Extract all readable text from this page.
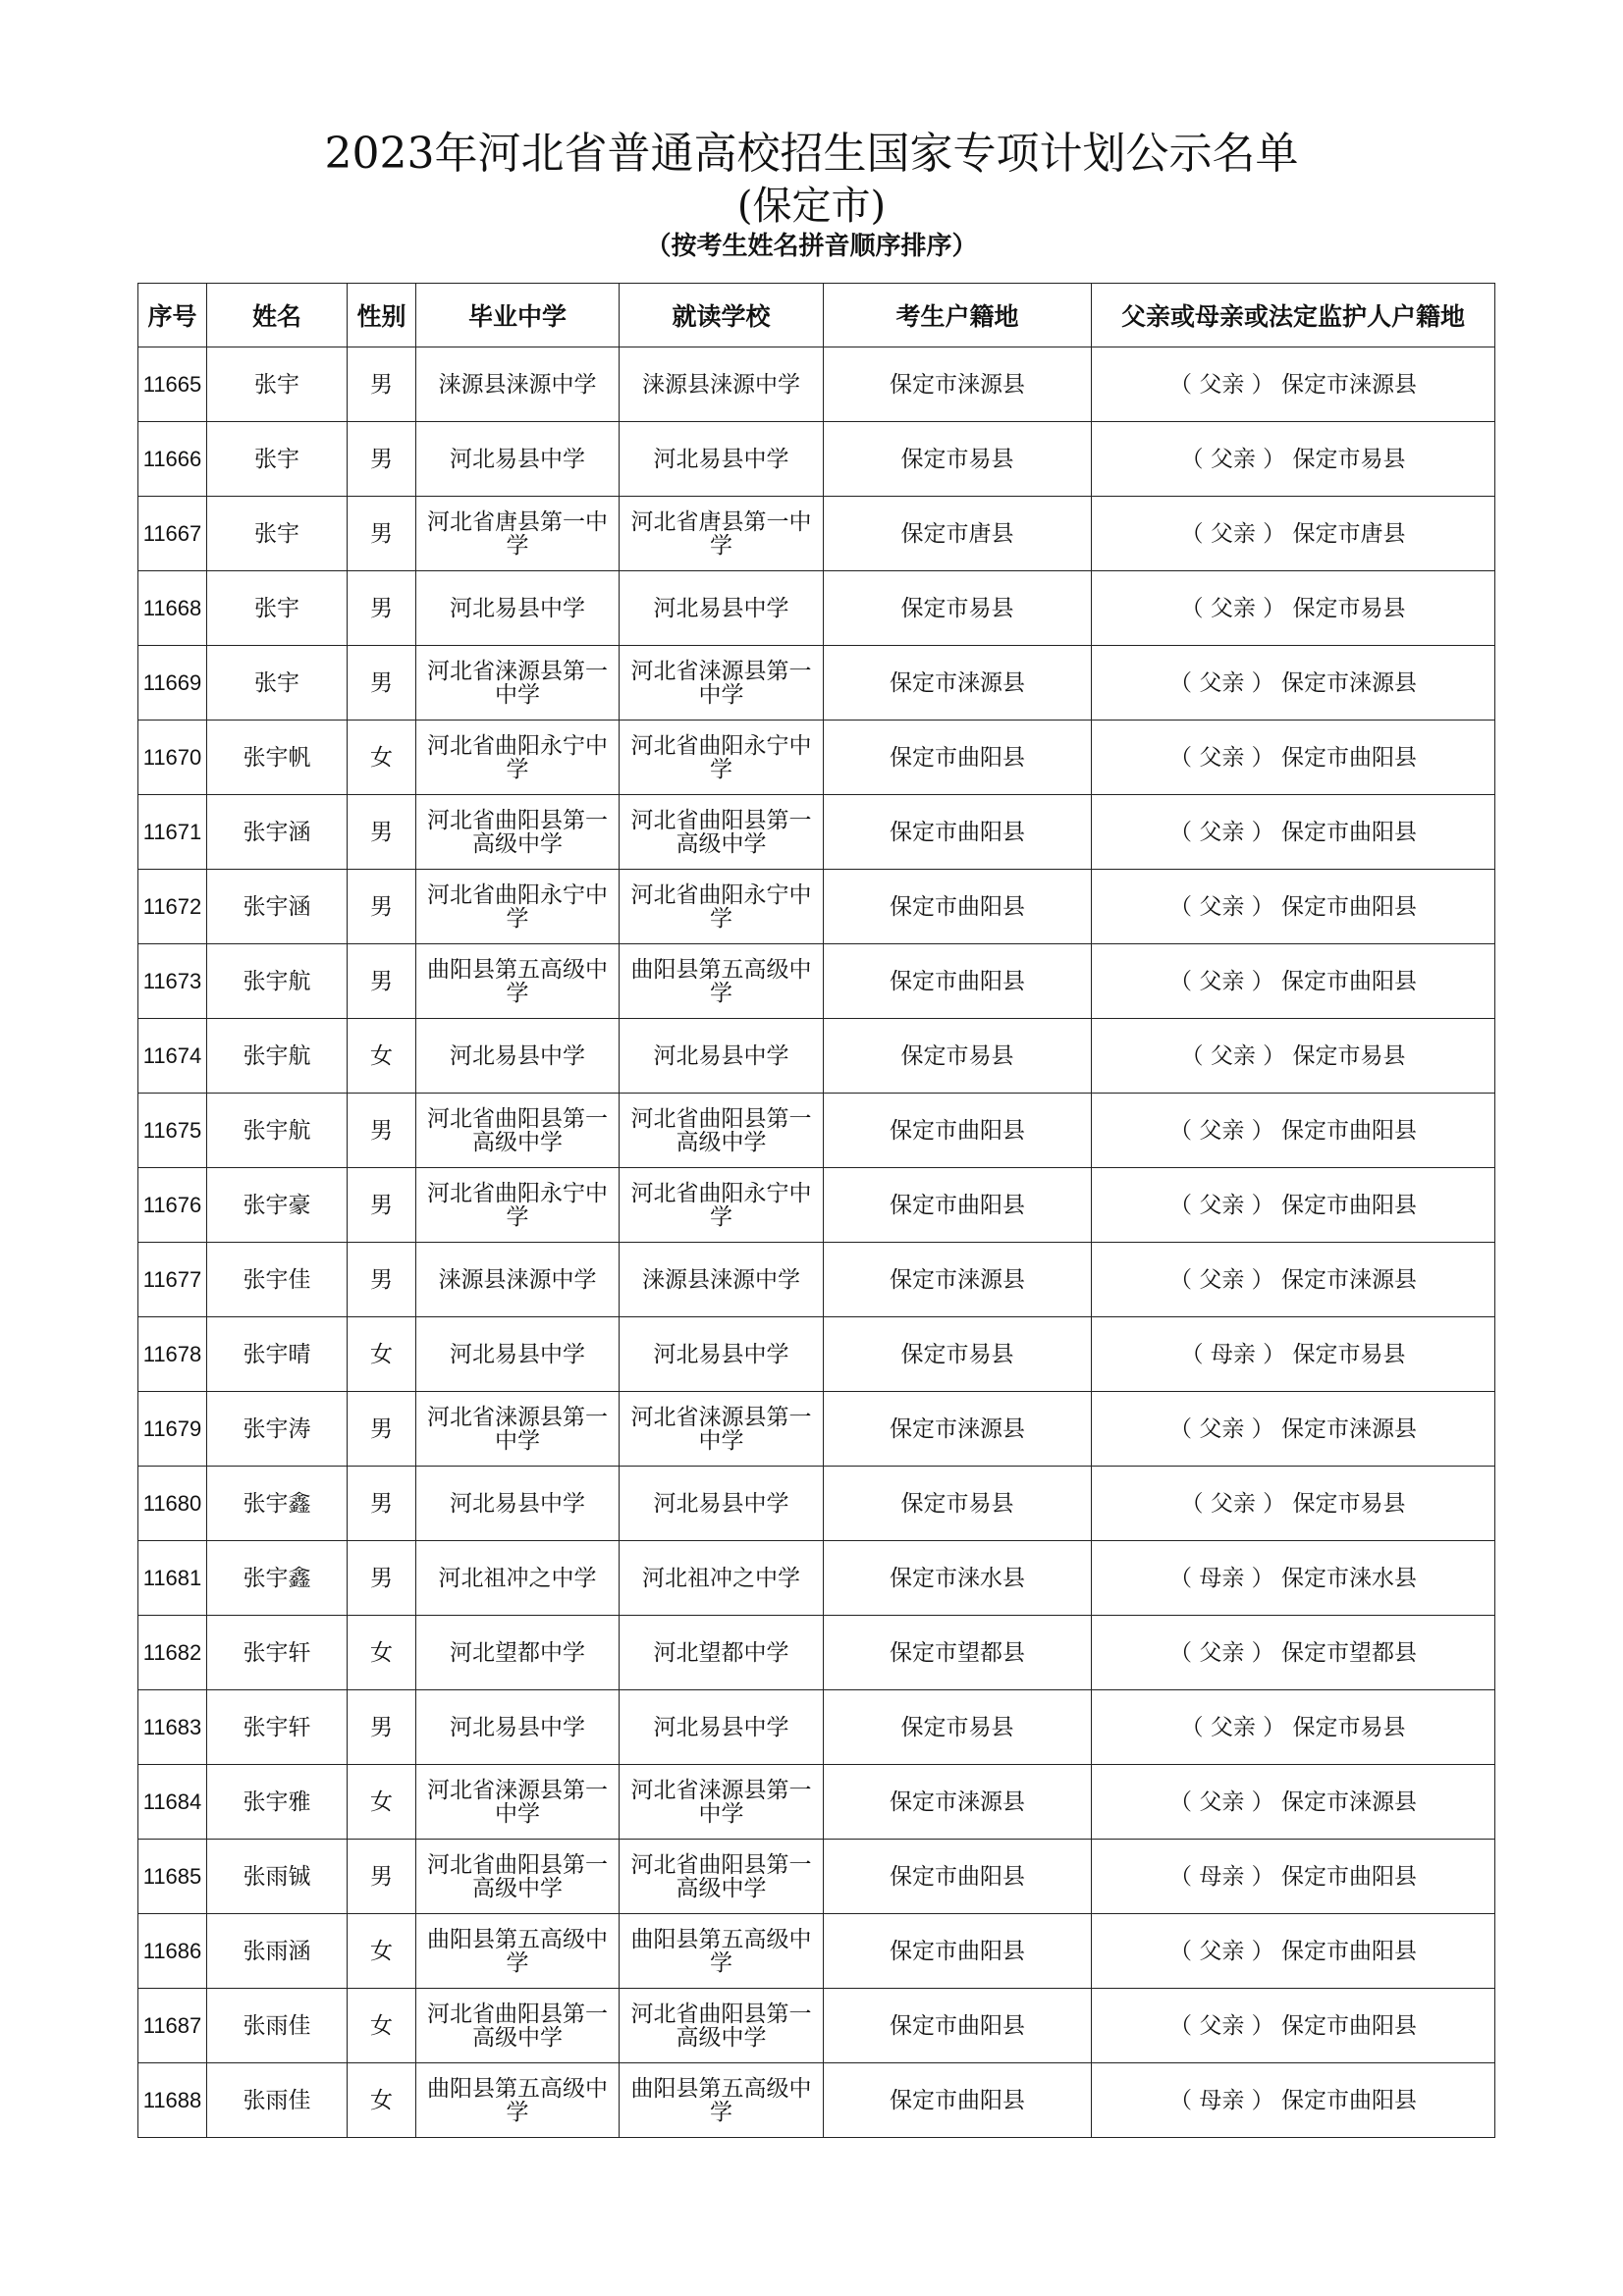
2023年河北省普通高校招生国家专项计划公示名单
(保定市)
（按考生姓名拼音顺序排序）
序号	姓名	性别	毕业中学	就读学校	考生户籍地	父亲或母亲或法定监护人户籍地
11665	张宇	男	涞源县涞源中学	涞源县涞源中学	保定市涞源县	（ 父亲 ） 保定市涞源县
11666	张宇	男	河北易县中学	河北易县中学	保定市易县	（ 父亲 ） 保定市易县
11667	张宇	男	河北省唐县第一中学	河北省唐县第一中学	保定市唐县	（ 父亲 ） 保定市唐县
11668	张宇	男	河北易县中学	河北易县中学	保定市易县	（ 父亲 ） 保定市易县
11669	张宇	男	河北省涞源县第一中学	河北省涞源县第一中学	保定市涞源县	（ 父亲 ） 保定市涞源县
11670	张宇帆	女	河北省曲阳永宁中学	河北省曲阳永宁中学	保定市曲阳县	（ 父亲 ） 保定市曲阳县
11671	张宇涵	男	河北省曲阳县第一高级中学	河北省曲阳县第一高级中学	保定市曲阳县	（ 父亲 ） 保定市曲阳县
11672	张宇涵	男	河北省曲阳永宁中学	河北省曲阳永宁中学	保定市曲阳县	（ 父亲 ） 保定市曲阳县
11673	张宇航	男	曲阳县第五高级中学	曲阳县第五高级中学	保定市曲阳县	（ 父亲 ） 保定市曲阳县
11674	张宇航	女	河北易县中学	河北易县中学	保定市易县	（ 父亲 ） 保定市易县
11675	张宇航	男	河北省曲阳县第一高级中学	河北省曲阳县第一高级中学	保定市曲阳县	（ 父亲 ） 保定市曲阳县
11676	张宇豪	男	河北省曲阳永宁中学	河北省曲阳永宁中学	保定市曲阳县	（ 父亲 ） 保定市曲阳县
11677	张宇佳	男	涞源县涞源中学	涞源县涞源中学	保定市涞源县	（ 父亲 ） 保定市涞源县
11678	张宇晴	女	河北易县中学	河北易县中学	保定市易县	（ 母亲 ） 保定市易县
11679	张宇涛	男	河北省涞源县第一中学	河北省涞源县第一中学	保定市涞源县	（ 父亲 ） 保定市涞源县
11680	张宇鑫	男	河北易县中学	河北易县中学	保定市易县	（ 父亲 ） 保定市易县
11681	张宇鑫	男	河北祖冲之中学	河北祖冲之中学	保定市涞水县	（ 母亲 ） 保定市涞水县
11682	张宇轩	女	河北望都中学	河北望都中学	保定市望都县	（ 父亲 ） 保定市望都县
11683	张宇轩	男	河北易县中学	河北易县中学	保定市易县	（ 父亲 ） 保定市易县
11684	张宇雅	女	河北省涞源县第一中学	河北省涞源县第一中学	保定市涞源县	（ 父亲 ） 保定市涞源县
11685	张雨铖	男	河北省曲阳县第一高级中学	河北省曲阳县第一高级中学	保定市曲阳县	（ 母亲 ） 保定市曲阳县
11686	张雨涵	女	曲阳县第五高级中学	曲阳县第五高级中学	保定市曲阳县	（ 父亲 ） 保定市曲阳县
11687	张雨佳	女	河北省曲阳县第一高级中学	河北省曲阳县第一高级中学	保定市曲阳县	（ 父亲 ） 保定市曲阳县
11688	张雨佳	女	曲阳县第五高级中学	曲阳县第五高级中学	保定市曲阳县	（ 母亲 ） 保定市曲阳县
